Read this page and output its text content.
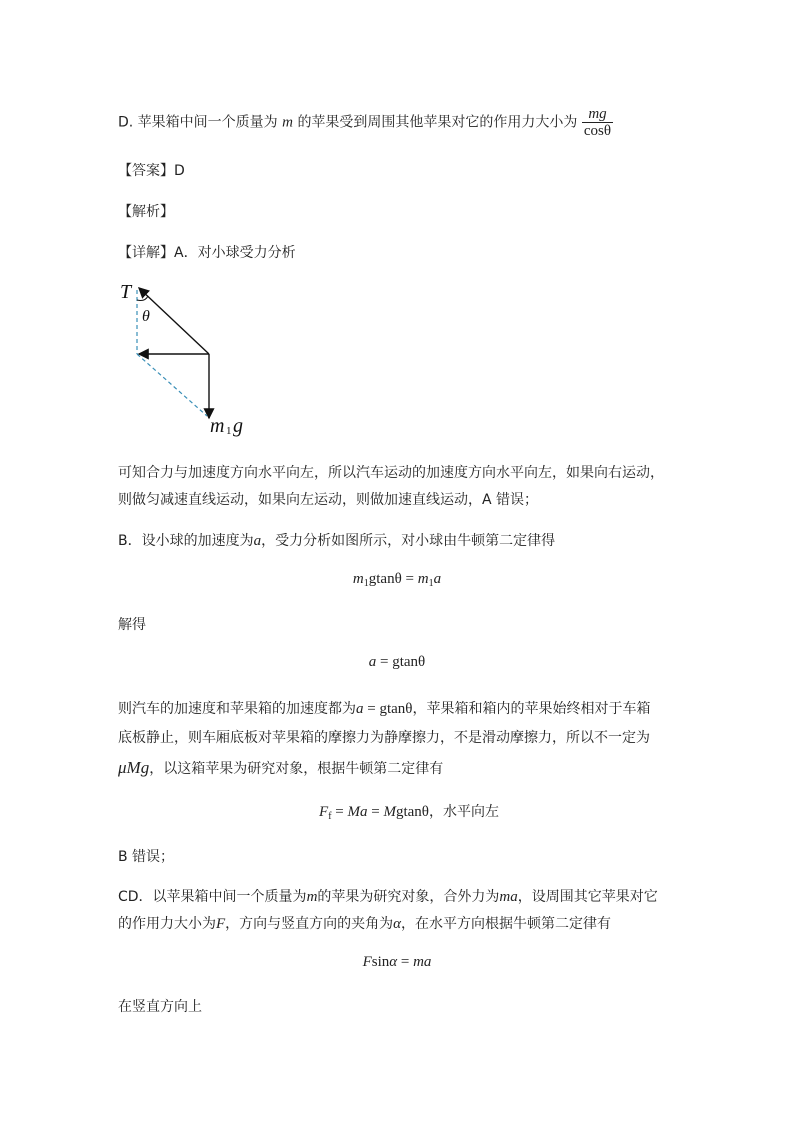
D. 苹果箱中间一个质量为 m 的苹果受到周围其他苹果对它的作用力大小为 $\frac{mg}{\cos\theta}$
【答案】D
【解析】
【详解】A．对小球受力分析
T
θ
m 1 g
可知合力与加速度方向水平向左，所以汽车运动的加速度方向水平向左，如果向右运动，
则做匀减速直线运动，如果向左运动，则做加速直线运动，A 错误；
B．设小球的加速度为a，受力分析如图所示，对小球由牛顿第二定律得
$m_1gtan\theta = m_1a$
解得
a = gtanθ
则汽车的加速度和苹果箱的加速度都为a = gtanθ，苹果箱和箱内的苹果始终相对于车箱
底板静止，则车厢底板对苹果箱的摩擦力为静摩擦力，不是滑动摩擦力，所以不一定为
μMg，以这箱苹果为研究对象，根据牛顿第二定律有
$F_f = Ma = Mgtan\theta$，水平向左
B 错误；
CD．以苹果箱中间一个质量为m的苹果为研究对象，合外力为ma，设周围其它苹果对它
的作用力大小为F，方向与竖直方向的夹角为α，在水平方向根据牛顿第二定律有
Fsinα = ma
在竖直方向上
